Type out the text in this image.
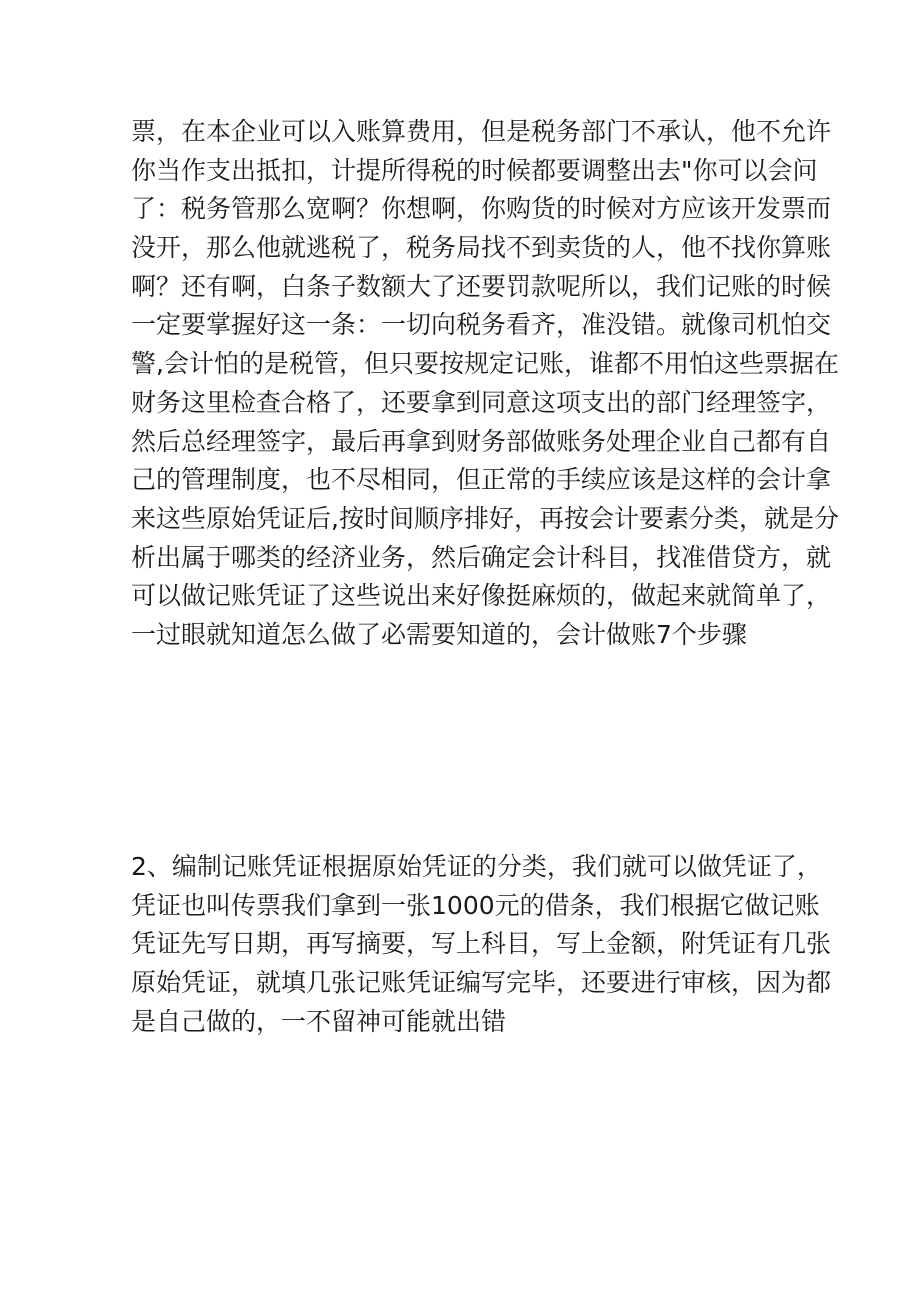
票，在本企业可以入账算费用，但是税务部门不承认，他不允许
你当作支出抵扣，计提所得税的时候都要调整出去"你可以会问
了：税务管那么宽啊？你想啊，你购货的时候对方应该开发票而
没开，那么他就逃税了，税务局找不到卖货的人，他不找你算账
啊？还有啊，白条子数额大了还要罚款呢所以，我们记账的时候
一定要掌握好这一条：一切向税务看齐，准没错。就像司机怕交
警,会计怕的是税管，但只要按规定记账，谁都不用怕这些票据在
财务这里检查合格了，还要拿到同意这项支出的部门经理签字，
然后总经理签字，最后再拿到财务部做账务处理企业自己都有自
己的管理制度，也不尽相同，但正常的手续应该是这样的会计拿
来这些原始凭证后,按时间顺序排好，再按会计要素分类，就是分
析出属于哪类的经济业务，然后确定会计科目，找准借贷方，就
可以做记账凭证了这些说出来好像挺麻烦的，做起来就简单了，
一过眼就知道怎么做了必需要知道的，会计做账7个步骤
2、编制记账凭证根据原始凭证的分类，我们就可以做凭证了，
凭证也叫传票我们拿到一张1000元的借条，我们根据它做记账
凭证先写日期，再写摘要，写上科目，写上金额，附凭证有几张
原始凭证，就填几张记账凭证编写完毕，还要进行审核，因为都
是自己做的，一不留神可能就出错
